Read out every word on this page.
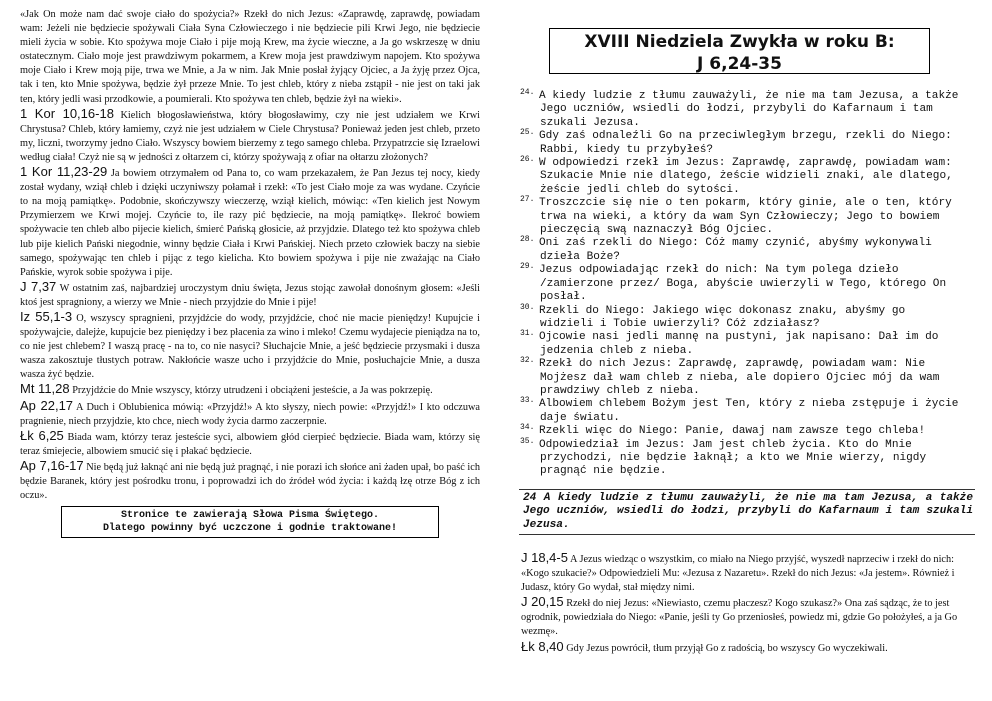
«Jak On może nam dać swoje ciało do spożycia?» Rzekł do nich Jezus: «Zaprawdę, zaprawdę, powiadam wam: Jeżeli nie będziecie spożywali Ciała Syna Człowieczego i nie będziecie pili Krwi Jego, nie będziecie mieli życia w sobie. Kto spożywa moje Ciało i pije moją Krew, ma życie wieczne, a Ja go wskrzeszę w dniu ostatecznym. Ciało moje jest prawdziwym pokarmem, a Krew moja jest prawdziwym napojem. Kto spożywa moje Ciało i Krew moją pije, trwa we Mnie, a Ja w nim. Jak Mnie posłał żyjący Ojciec, a Ja żyję przez Ojca, tak i ten, kto Mnie spożywa, będzie żył przeze Mnie. To jest chleb, który z nieba zstąpił - nie jest on taki jak ten, który jedli wasi przodkowie, a poumierali. Kto spożywa ten chleb, będzie żył na wieki».

1 Kor 10,16-18 Kielich błogosławieństwa, który błogosławimy, czy nie jest udziałem we Krwi Chrystusa? Chleb, który łamiemy, czyż nie jest udziałem w Ciele Chrystusa? Ponieważ jeden jest chleb, przeto my, liczni, tworzymy jedno Ciało. Wszyscy bowiem bierzemy z tego samego chleba. Przypatrzcie się Izraelowi według ciała! Czyż nie są w jedności z ołtarzem ci, którzy spożywają z ofiar na ołtarzu złożonych?

1 Kor 11,23-29 Ja bowiem otrzymałem od Pana to, co wam przekazałem, że Pan Jezus tej nocy, kiedy został wydany, wziął chleb i dzięki uczyniwszy połamał i rzekł: «To jest Ciało moje za was wydane. Czyńcie to na moją pamiątkę». Podobnie, skończywszy wieczerzę, wziął kielich, mówiąc: «Ten kielich jest Nowym Przymierzem we Krwi mojej. Czyńcie to, ile razy pić będziecie, na moją pamiątkę». Ilekroć bowiem spożywacie ten chleb albo pijecie kielich, śmierć Pańską głosicie, aż przyjdzie. Dlatego też kto spożywa chleb lub pije kielich Pański niegodnie, winny będzie Ciała i Krwi Pańskiej. Niech przeto człowiek baczy na siebie samego, spożywając ten chleb i pijąc z tego kielicha. Kto bowiem spożywa i pije nie zważając na Ciało Pańskie, wyrok sobie spożywa i pije.

J 7,37 W ostatnim zaś, najbardziej uroczystym dniu święta, Jezus stojąc zawołał donośnym głosem: «Jeśli ktoś jest spragniony, a wierzy we Mnie - niech przyjdzie do Mnie i pije!

Iz 55,1-3 O, wszyscy spragnieni, przyjdźcie do wody, przyjdźcie, choć nie macie pieniędzy! Kupujcie i spożywajcie, dalejże, kupujcie bez pieniędzy i bez płacenia za wino i mleko! Czemu wydajecie pieniądza na to, co nie jest chlebem? I waszą pracę - na to, co nie nasyci? Słuchajcie Mnie, a jeść będziecie przysmaki i dusza wasza zakosztuje tłustych potraw. Nakłońcie wasze ucho i przyjdźcie do Mnie, posłuchajcie Mnie, a dusza wasza żyć będzie.

Mt 11,28 Przyjdźcie do Mnie wszyscy, którzy utrudzeni i obciążeni jesteście, a Ja was pokrzepię.

Ap 22,17 A Duch i Oblubienica mówią: «Przyjdź!» A kto słyszy, niech powie: «Przyjdź!» I kto odczuwa pragnienie, niech przyjdzie, kto chce, niech wody życia darmo zaczerpnie.

Łk 6,25 Biada wam, którzy teraz jesteście syci, albowiem głód cierpieć będziecie. Biada wam, którzy się teraz śmiejecie, albowiem smucić się i płakać będziecie.

Ap 7,16-17 Nie będą już łaknąć ani nie będą już pragnąć, i nie porazi ich słońce ani żaden upał, bo paść ich będzie Baranek, który jest pośrodku tronu, i poprowadzi ich do źródeł wód życia: i każdą łzę otrze Bóg z ich oczu».

Stronice te zawierają Słowa Pisma Świętego.
Dlatego powinny być uczczone i godnie traktowane!
XVIII Niedziela Zwykła w roku B:
J 6,24-35
24. A kiedy ludzie z tłumu zauważyli, że nie ma tam Jezusa, a także Jego uczniów, wsiedli do łodzi, przybyli do Kafarnaum i tam szukali Jezusa.
25. Gdy zaś odnaleźli Go na przeciwległym brzegu, rzekli do Niego: Rabbi, kiedy tu przybyłeś?
26. W odpowiedzi rzekł im Jezus: Zaprawdę, zaprawdę, powiadam wam: Szukacie Mnie nie dlatego, żeście widzieli znaki, ale dlatego, żeście jedli chleb do sytości.
27. Troszczcie się nie o ten pokarm, który ginie, ale o ten, który trwa na wieki, a który da wam Syn Człowieczy; Jego to bowiem pieczęcią swą naznaczył Bóg Ojciec.
28. Oni zaś rzekli do Niego: Cóż mamy czynić, abyśmy wykonywali dzieła Boże?
29. Jezus odpowiadając rzekł do nich: Na tym polega dzieło /zamierzone przez/ Boga, abyście uwierzyli w Tego, którego On posłał.
30. Rzekli do Niego: Jakiego więc dokonasz znaku, abyśmy go widzieli i Tobie uwierzyli? Cóż zdziałasz?
31. Ojcowie nasi jedli mannę na pustyni, jak napisano: Dał im do jedzenia chleb z nieba.
32. Rzekł do nich Jezus: Zaprawdę, zaprawdę, powiadam wam: Nie Mojżesz dał wam chleb z nieba, ale dopiero Ojciec mój da wam prawdziwy chleb z nieba.
33. Albowiem chlebem Bożym jest Ten, który z nieba zstępuje i życie daje światu.
34. Rzekli więc do Niego: Panie, dawaj nam zawsze tego chleba!
35. Odpowiedział im Jezus: Jam jest chleb życia. Kto do Mnie przychodzi, nie będzie łaknął; a kto we Mnie wierzy, nigdy pragnąć nie będzie.
24 A kiedy ludzie z tłumu zauważyli, że nie ma tam Jezusa, a także Jego uczniów, wsiedli do łodzi, przybyli do Kafarnaum i tam szukali Jezusa.

J 18,4-5 A Jezus wiedząc o wszystkim, co miało na Niego przyjść, wyszedł naprzeciw i rzekł do nich: «Kogo szukacie?» Odpowiedzieli Mu: «Jezusa z Nazaretu». Rzekł do nich Jezus: «Ja jestem». Również i Judasz, który Go wydał, stał między nimi.

J 20,15 Rzekł do niej Jezus: «Niewiasto, czemu płaczesz? Kogo szukasz?» Ona zaś sądząc, że to jest ogrodnik, powiedziała do Niego: «Panie, jeśli ty Go przeniosłeś, powiedz mi, gdzie Go położyłeś, a ja Go wezmę».

Łk 8,40 Gdy Jezus powrócił, tłum przyjął Go z radością, bo wszyscy Go wyczekiwali.
